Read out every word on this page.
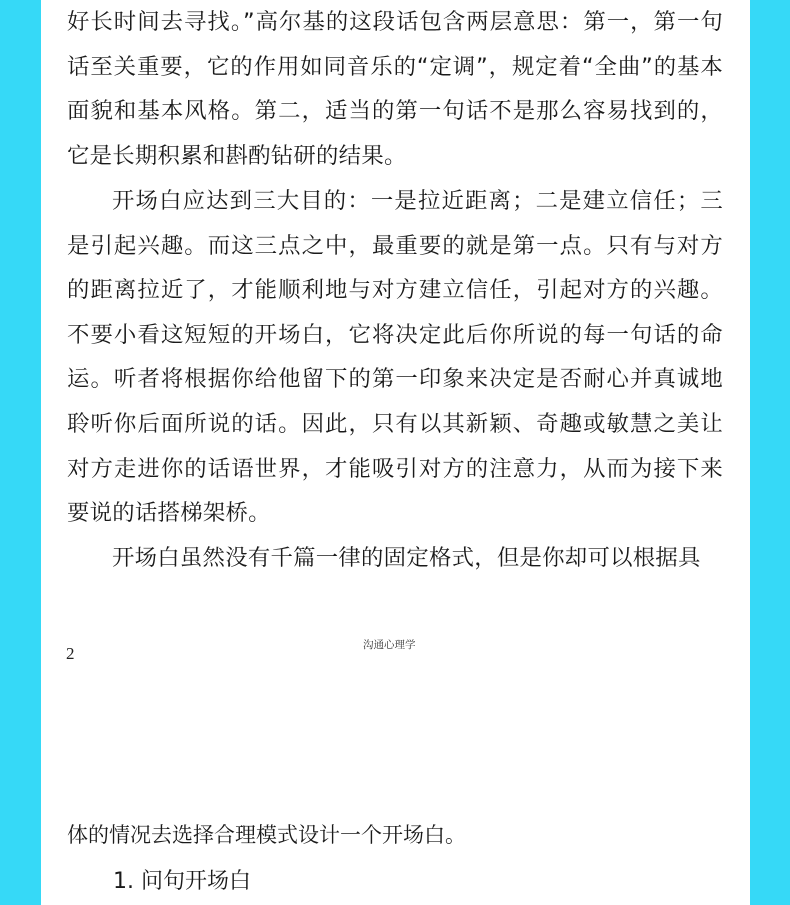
好长时间去寻找。”高尔基的这段话包含两层意思：第一，第一句话至关重要，它的作用如同音乐的“定调”，规定着“全曲”的基本面貌和基本风格。第二，适当的第一句话不是那么容易找到的，它是长期积累和斟酌钻研的结果。

开场白应达到三大目的：一是拉近距离；二是建立信任；三是引起兴趣。而这三点之中，最重要的就是第一点。只有与对方的距离拉近了，才能顺利地与对方建立信任，引起对方的兴趣。不要小看这短短的开场白，它将决定此后你所说的每一句话的命运。听者将根据你给他留下的第一印象来决定是否耐心并真诚地聆听你后面所说的话。因此，只有以其新颖、奇趣或敏慧之美让对方走进你的话语世界，才能吸引对方的注意力，从而为接下来要说的话搭梯架桥。

开场白虽然没有千篇一律的固定格式，但是你却可以根据具

2	沟通心理学

体的情况去选择合理模式设计一个开场白。

1. 问句开场白
